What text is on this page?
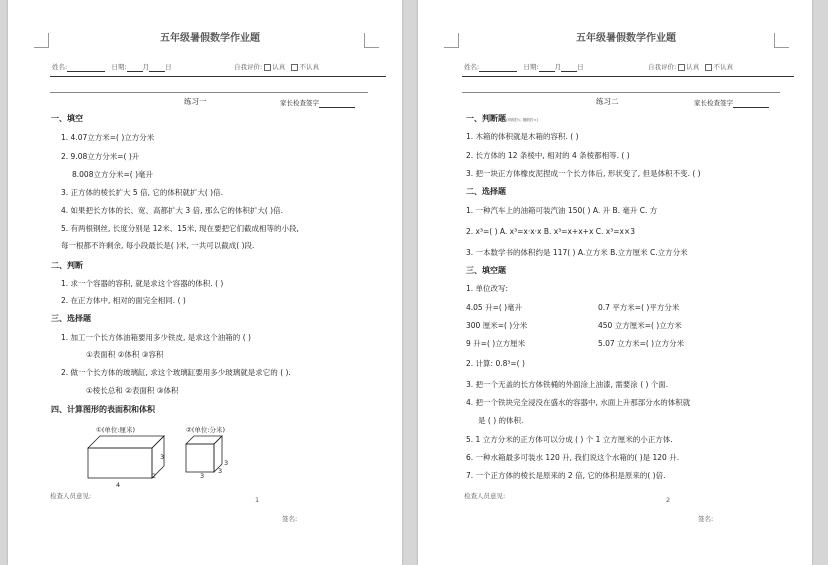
五年级暑假数学作业题
姓名:	日期: 月 日	自我评价: 认真 不认真
练习一	家长检查签字
一、填空
1. 4.07立方米=( )立方分米
2. 9.08立方分米=( )升
8.008立方分米=( )毫升
3. 正方体的棱长扩大 5 倍, 它的体积就扩大( )倍.
4. 如果把长方体的长、宽、高都扩大 3 倍, 那么它的体积扩大( )倍.
5. 有两根钢丝, 长度分别是 12米、15米, 现在要把它们截成相等的小段,
每一根都不许剩余, 每小段最长是( )米, 一共可以截成( )段.
二、判断
1. 求一个容器的容积, 就是求这个容器的体积. ( )
2. 在正方体中, 相对的面完全相同. ( )
三、选择题
1. 加工一个长方体油箱要用多少铁皮, 是求这个油箱的 ( )
①表面积 ②体积 ③容积
2. 做一个长方体的玻璃缸, 求这个玻璃缸要用多少玻璃就是求它的 ( ).
①棱长总和 ②表面积 ③体积
四、计算图形的表面积和体积
①(单位:厘米)	②(单位:分米)
3
4
2
3
3
3
检查人员意见:	1
签名:
五年级暑假数学作业题
姓名:	日期: 月 日	自我评价: 认真 不认真
练习二	家长检查签字
一、判断题(对的打√, 错的打×)
1. 木箱的体积就是木箱的容积. ( )
2. 长方体的 12 条棱中, 相对的 4 条棱都相等. ( )
3. 把一块正方体橡皮泥捏成一个长方体后, 形状变了, 但是体积不变. ( )
二、选择题
1. 一种汽车上的油箱可装汽油 150( ) A. 升 B. 毫升 C. 方
2. x³=( ) A. x³=x·x·x B. x³=x+x+x C. x³=x×3
3. 一本数学书的体积约是 117( ) A.立方米 B.立方厘米 C.立方分米
三、填空题
1. 单位改写:
4.05 升=( )毫升	0.7 平方米=( )平方分米
300 厘米=( )分米	450 立方厘米=( )立方米
9 升=( )立方厘米	5.07 立方米=( )立方分米
2. 计算: 0.8³=( )
3. 把一个无盖的长方体铁桶的外面涂上油漆, 需要涂 ( ) 个面.
4. 把一个铁块完全浸没在盛水的容器中, 水面上升那部分水的体积就
是 ( ) 的体积.
5. 1 立方分米的正方体可以分成 ( ) 个 1 立方厘米的小正方体.
6. 一种水箱最多可装水 120 升, 我们说这个水箱的( )是 120 升.
7. 一个正方体的棱长是原来的 2 倍, 它的体积是原来的( )倍.
检查人员意见:	2
签名:
